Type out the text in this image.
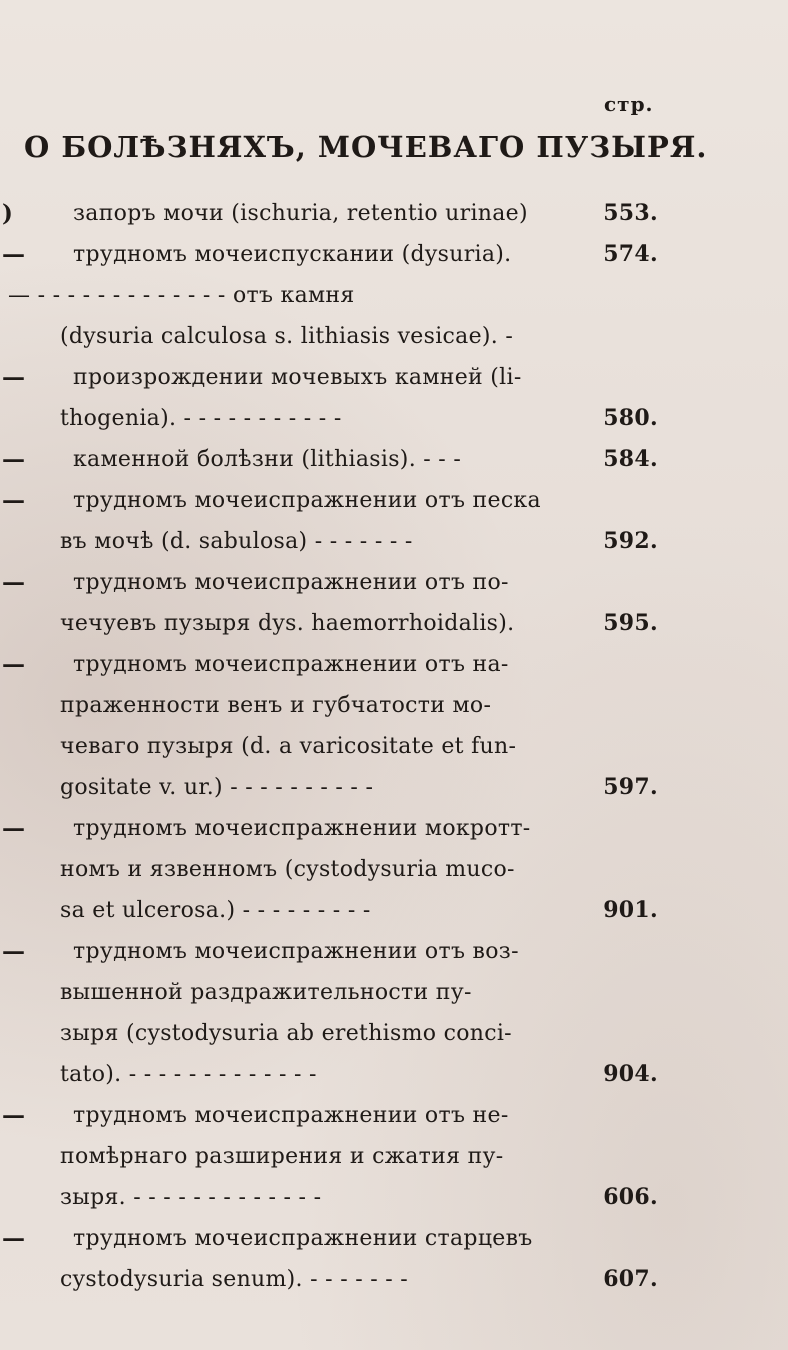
стр.
О БОЛѢЗНЯХЪ, МОЧЕВАГО ПУЗЫРЯ.
)	запоръ мочи (ischuria, retentio urinae)	553.
—	трудномъ мочеиспускании (dysuria).	574.
— - - - - - - - - - - - - - отъ камня
(dysuria calculosa s. lithiasis vesicae). -
—	произрождении мочевыхъ камней (li-
thogenia). - - - - - - - - - - -	580.
—	каменной болѣзни (lithiasis). - - -	584.
—	трудномъ мочеиспражнении отъ песка
въ мочѣ (d. sabulosa) - - - - - - -	592.
—	трудномъ мочеиспражнении отъ по-
чечуевъ пузыря dys. haemorrhoidalis).	595.
—	трудномъ мочеиспражнении отъ на-
праженности венъ и губчатости мо-
чеваго пузыря (d. a varicositate et fun-
gositate v. ur.) - - - - - - - - - -	597.
—	трудномъ мочеиспражнении мокротт-
номъ и язвенномъ (cystodysuria muco-
sa et ulcerosa.) - - - - - - - - -	901.
—	трудномъ мочеиспражнении отъ воз-
вышенной раздражительности пу-
зыря (cystodysuria ab erethismo conci-
tato). - - - - - - - - - - - - -	904.
—	трудномъ мочеиспражнении отъ не-
помѣрнаго разширения и сжатия пу-
зыря. - - - - - - - - - - - - -	606.
—	трудномъ мочеиспражнении старцевъ
cystodysuria senum). - - - - - - -	607.
